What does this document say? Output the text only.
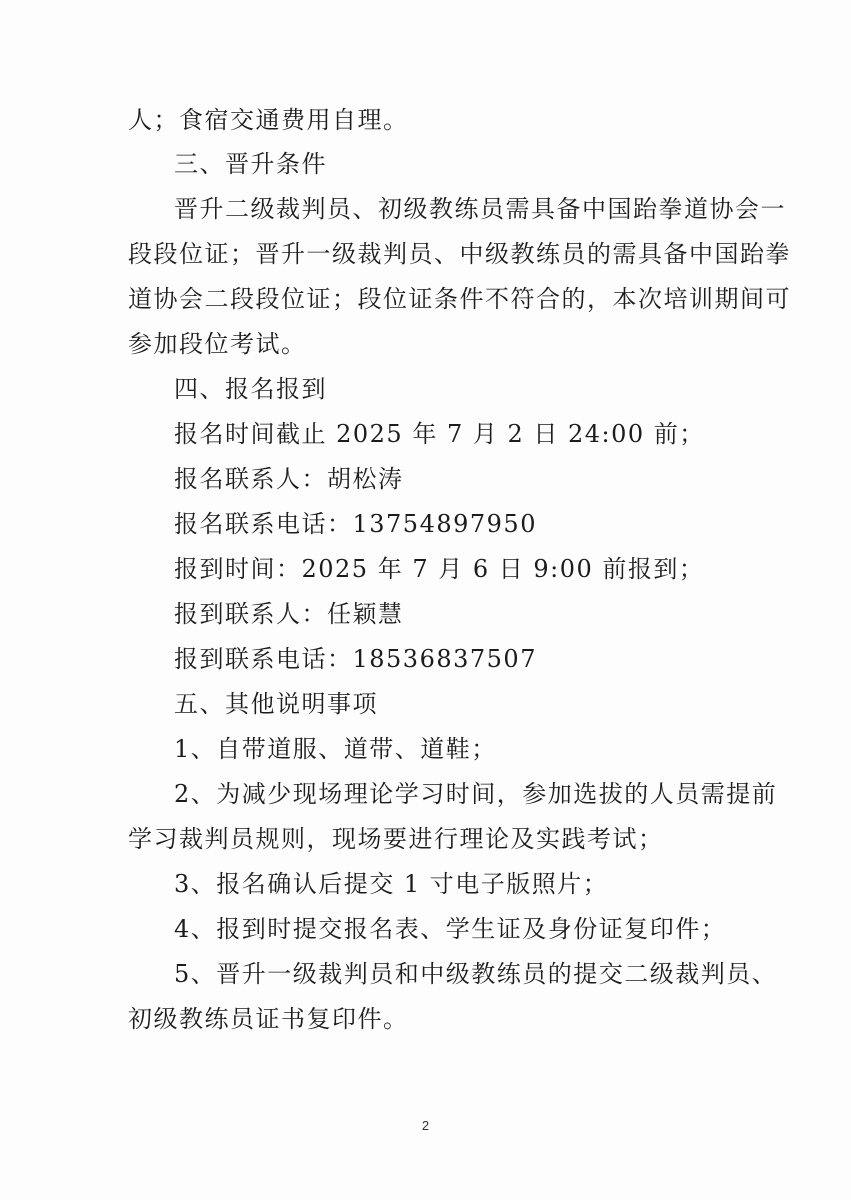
人；食宿交通费用自理。
三、晋升条件
晋升二级裁判员、初级教练员需具备中国跆拳道协会一
段段位证；晋升一级裁判员、中级教练员的需具备中国跆拳
道协会二段段位证；段位证条件不符合的，本次培训期间可
参加段位考试。
四、报名报到
报名时间截止 2025 年 7 月 2 日 24:00 前；
报名联系人：胡松涛
报名联系电话：13754897950
报到时间：2025 年 7 月 6 日 9:00 前报到；
报到联系人：任颖慧
报到联系电话：18536837507
五、其他说明事项
1、自带道服、道带、道鞋；
2、为减少现场理论学习时间，参加选拔的人员需提前
学习裁判员规则，现场要进行理论及实践考试；
3、报名确认后提交 1 寸电子版照片；
4、报到时提交报名表、学生证及身份证复印件；
5、晋升一级裁判员和中级教练员的提交二级裁判员、
初级教练员证书复印件。
2
